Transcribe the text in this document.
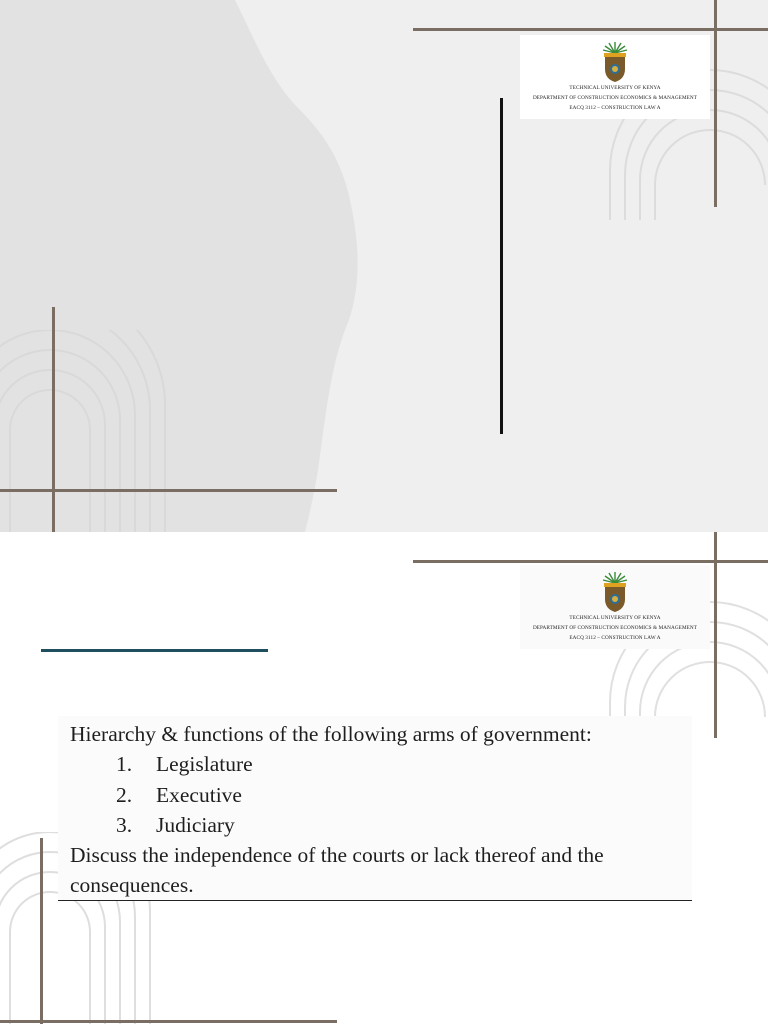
TECHNICAL UNIVERSITY OF KENYA
DEPARTMENT OF CONSTRUCTION ECONOMICS & MANAGEMENT
EACQ 3112 – CONSTRUCTION LAW A
TECHNICAL UNIVERSITY OF KENYA
DEPARTMENT OF CONSTRUCTION ECONOMICS & MANAGEMENT
EACQ 3112 – CONSTRUCTION LAW A

Hierarchy & functions of the following arms of government:

1. Legislature

2. Executive

3. Judiciary

Discuss the independence of the courts or lack thereof and the

consequences.
